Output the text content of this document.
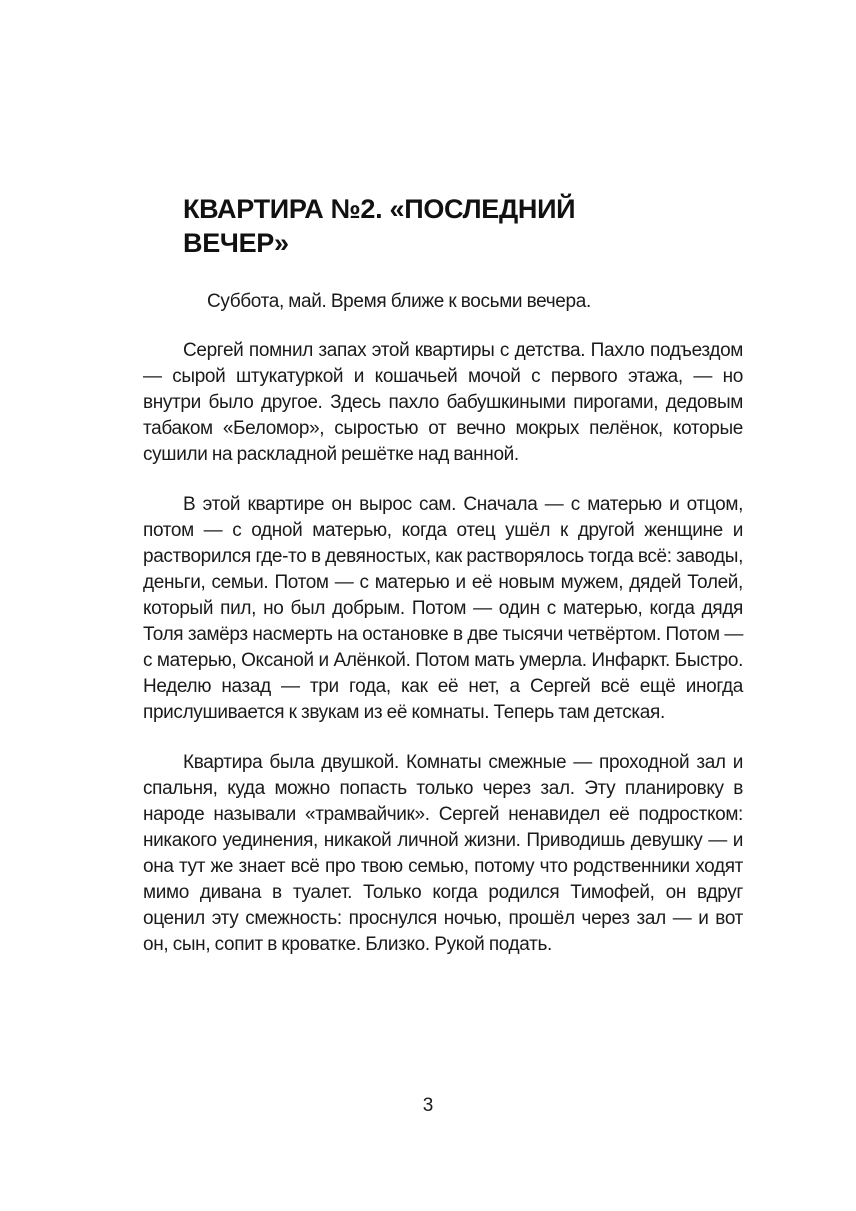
КВАРТИРА №2. «ПОСЛЕДНИЙ
ВЕЧЕР»

Суббота, май. Время ближе к восьми вечера.

Сергей помнил запах этой квартиры с детства. Пахло подъездом — сырой штукатуркой и кошачьей мочой с первого этажа, — но внутри было другое. Здесь пахло бабушкиными пирогами, дедовым табаком «Беломор», сыростью от вечно мокрых пелёнок, которые сушили на раскладной решётке над ванной.

В этой квартире он вырос сам. Сначала — с матерью и отцом, потом — с одной матерью, когда отец ушёл к другой женщине и растворился где-то в девяностых, как растворялось тогда всё: заводы, деньги, семьи. Потом — с матерью и её новым мужем, дядей Толей, который пил, но был добрым. Потом — один с матерью, когда дядя Толя замёрз насмерть на остановке в две тысячи четвёртом. Потом — с матерью, Оксаной и Алёнкой. Потом мать умерла. Инфаркт. Быстро. Неделю назад — три года, как её нет, а Сергей всё ещё иногда прислушивается к звукам из её комнаты. Теперь там детская.

Квартира была двушкой. Комнаты смежные — проходной зал и спальня, куда можно попасть только через зал. Эту планировку в народе называли «трамвайчик». Сергей ненавидел её подростком: никакого уединения, никакой личной жизни. Приводишь девушку — и она тут же знает всё про твою семью, потому что родственники ходят мимо дивана в туалет. Только когда родился Тимофей, он вдруг оценил эту смежность: проснулся ночью, прошёл через зал — и вот он, сын, сопит в кроватке. Близко. Рукой подать.

3
